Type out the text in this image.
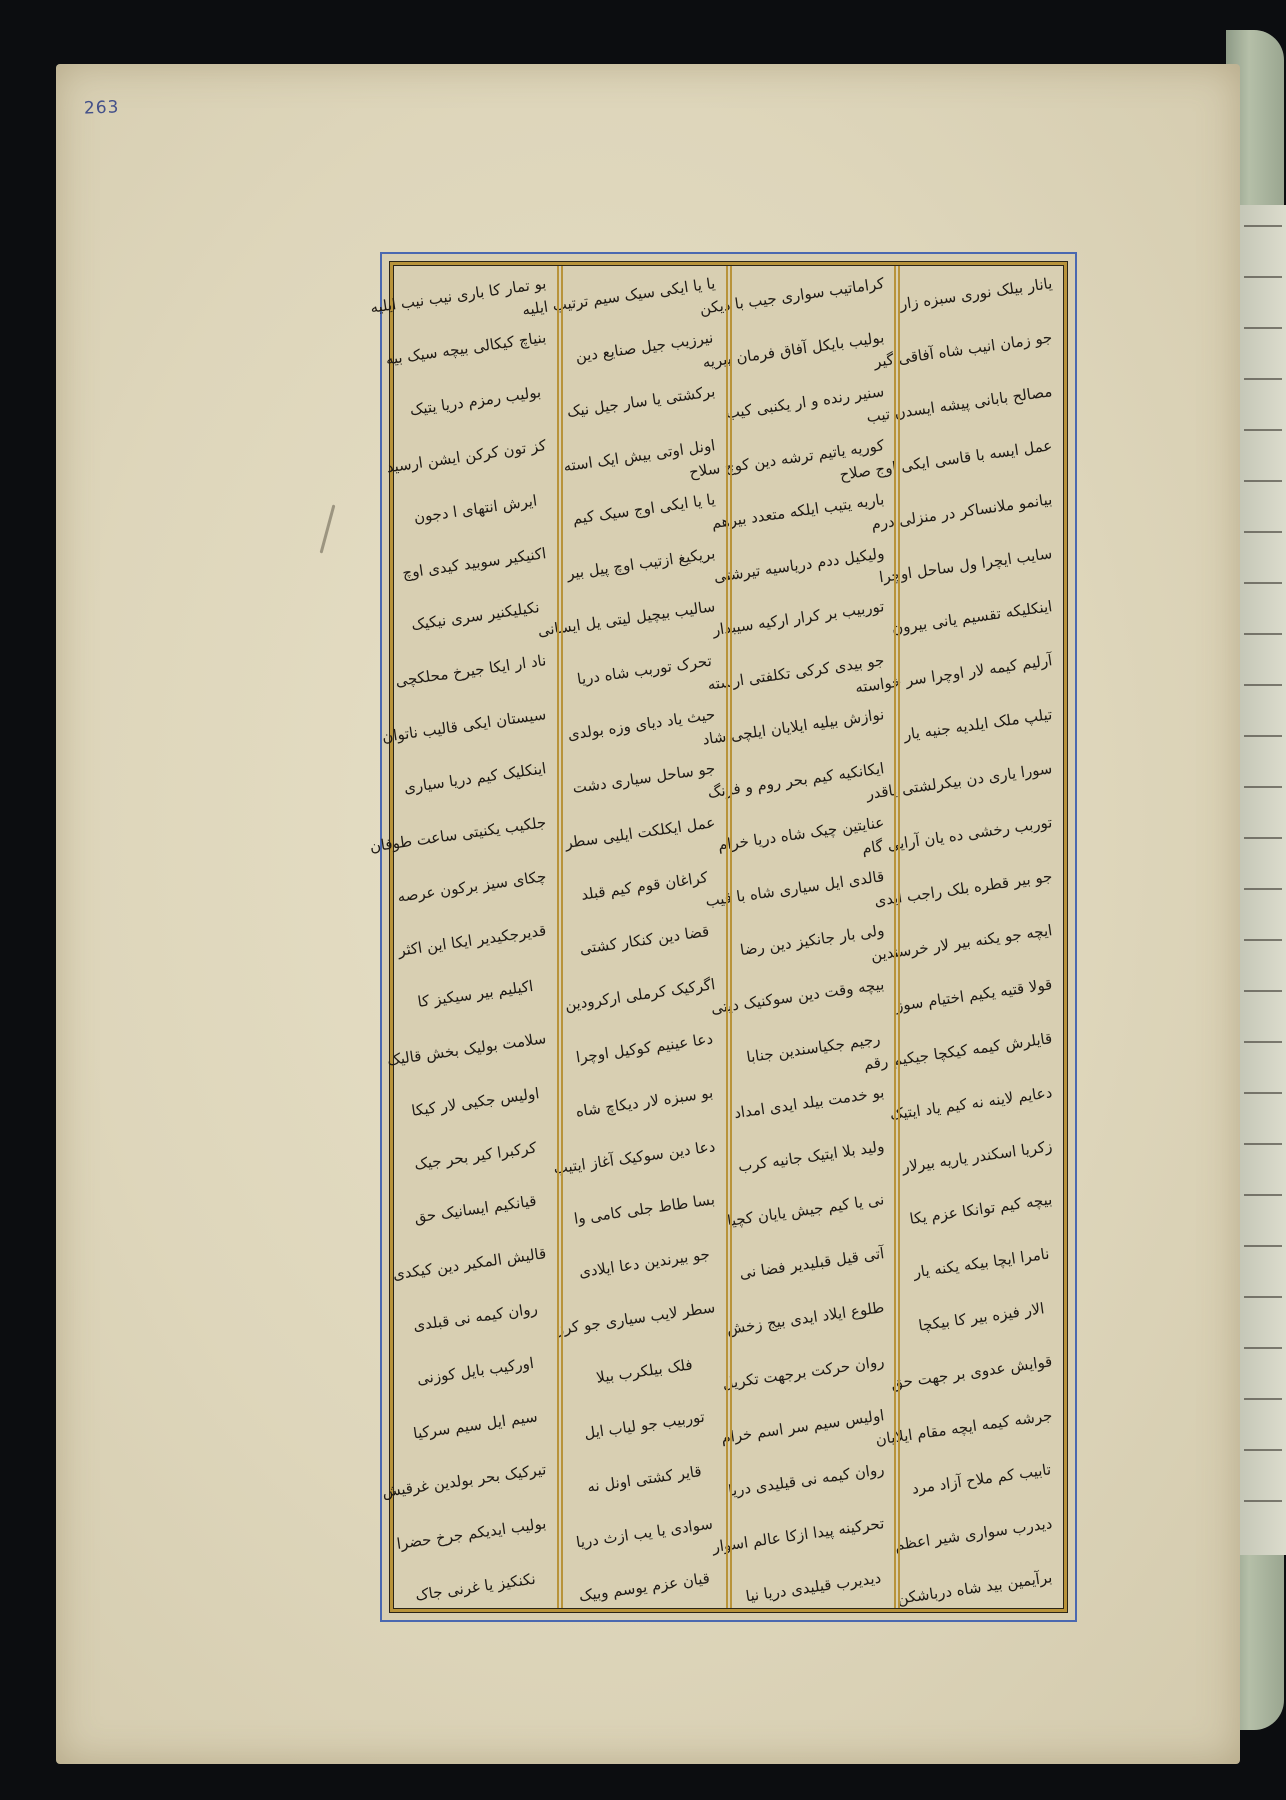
263
یانار بیلک نوری سبزه زار
جو زمان انیب شاه آفاقی گیر
مصالح بابانی پیشه ایسدن تیب
عمل ایسه با قاسی ایکی اوج صلاح
بیانمو ملانساکر در منزلی درم
سایب ایچرا ول ساحل اوچرا
اینکلیکه تقسیم یانی بیرون
آرلیم کیمه لار اوچرا سر خواسته
تیلپ ملک ایلدیه جنیه یار
سورا یاری دن بیکرلشتی یاقدر
توربب رخشی ده یان آرایی گام
جو بیر قطره بلک راجب ایدی
ایچه جو یکنه بیر لار خرسندین
قولا قتیه یکیم اختیام سوز
قایلرش کیمه کیکچا جیکیم رقم
دعایم لاینه نه کیم یاد ایتیک
زکریا اسکندر یاریه بیرلار
بیچه کیم توانکا عزم یکا
نامرا ایچا بیکه یکنه یار
الار فیزه بیر کا بیکچا
قوایش عدوی بر جهت حق
جرشه کیمه ایچه مقام ایلایان
تابیب کم ملاح آزاد مرد
دیدرب سواری شیر اعظم
برآیمین بید شاه درباشکن
کراماتیب سواری جیب با دیکن
بولیب بایکل آفاق فرمان پیریه
سنیر رنده و ار یکنبی کیب
کوریه یاتیم ترشه دین کوچ سلاح
باریه یتیب ایلکه متعدد بیرهم
ولیکیل ددم دریاسیه تیرشتی
توربیب بر کرار ارکیه سیبدار
جو بیدی کرکی تکلفتی ارسته
نوازش بیلیه ایلایان ایلچی شاد
ایکانکیه کیم بحر روم و فرنگ
عنایتین چیک شاه دریا خرام
قالدی ایل سیاری شاه با قیب
ولی بار جانکیز دین رضا
بیچه وقت دین سوکنیک دیتی
رجیم جکیاسندین جنابا
بو خدمت بیلد ایدی امداد
ولید بلا ایتیک جانیه کرب
نی یا کیم جیش یایان کچیا
آتی قیل قبلیدیر فضا نی
طلوع ایلاد ایدی بیج زخش
روان حرکت برجهت تکریل
اولیس سیم سر اسم خرام
روان کیمه نی قیلیدی دریا
تحرکینه پیدا ازکا عالم اسوار
دیدیرب قیلیدی دریا نیا
یا یا ایکی سیک سیم ترتیب ایلیه
نیرزیب جیل صنایع دین
برکشتی یا سار جیل نیک
اونل اوتی بیش ایک استه
یا یا ایکی اوج سیک کیم
بریکیغ ازتیب اوچ پیل بیر
سالیب بیچیل لیتی یل ایسانی
تحرک توربب شاه دریا
حیث یاد دیای وزه بولدی
جو ساحل سیاری دشت
عمل ایکلکت ایلیی سطر
کراغان قوم کیم قبلد
قضا دین کنکار کشتی
اگرکیک کرملی ارکرودین
دعا عینیم کوکیل اوچرا
بو سبزه لار دیکاچ شاه
دعا دین سوکیک آغاز ایتیب
بسا طاط جلی کامی وا
جو بیرندین دعا ایلادی
سطر لایب سیاری جو کرز
فلک بیلکرب بیلا
توربیب جو لیاب ایل
قایر کشتی اونل نه
سوادی یا یب ازث دریا
قیان عزم یوسم وبیک
بو تمار کا باری نیب نیب ایلیه
بنیاچ کیکالی بیچه سیک بیه
بولیب رمزم دریا یتیک
کز تون کرکن ایشن ارسید
ایرش انتهای ا دجون
اکنیکیر سوبید کیدی اوچ
نکیلیکنیر سری نیکیک
ناد ار ایکا جیرخ محلکچی
سیستان ایکی قالیب ناتوان
اینکلیک کیم دریا سیاری
جلکیب یکنیتی ساعت طوفان
چکای سیز برکون عرصه
قدیرجکیدیر ایکا این اکثر
اکیلیم بیر سیکیز کا
سلامت بولیک بخش قالیک
اولیس جکیی لار کیکا
کرکبرا کیر بحر جیک
قیانکیم ایسانیک حق
قالیش المکیر دین کیکدی
روان کیمه نی قبلدی
اورکیب بایل کوزنی
سیم ایل سیم سرکیا
تیرکیک بحر بولدین غرقیش
بولیب ایدیکم جرخ حضرا
نکنکیز یا غرنی جاک
